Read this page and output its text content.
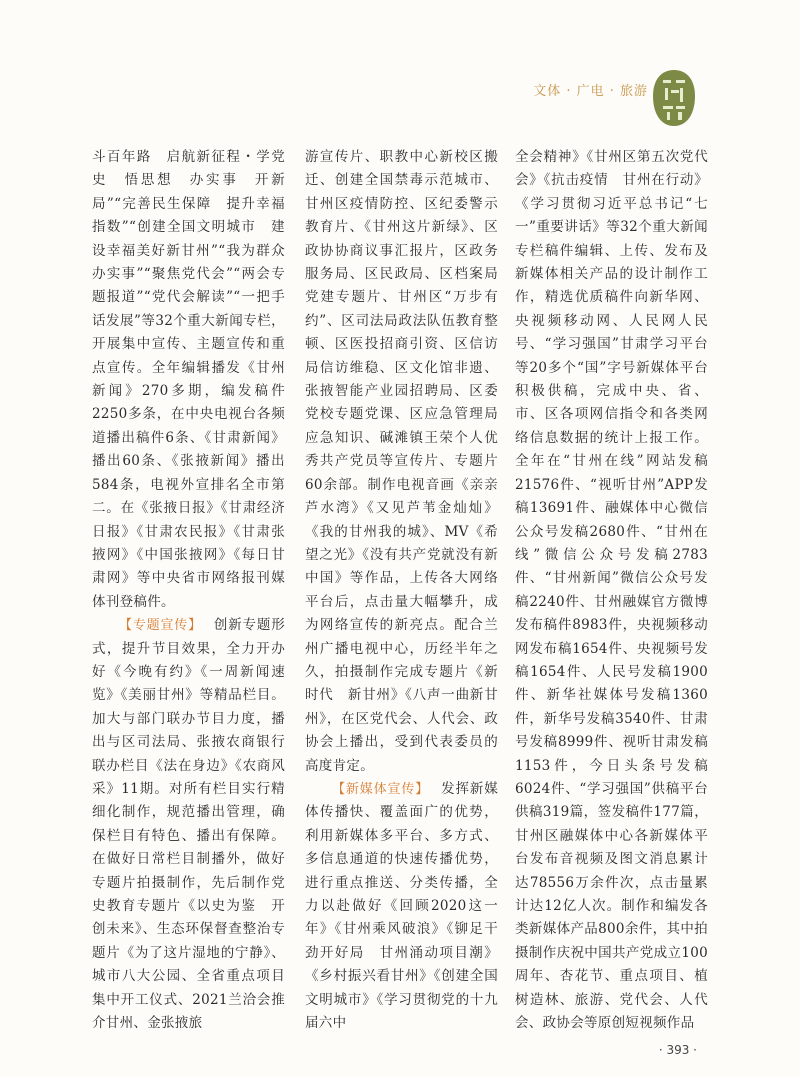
文体 · 广电 · 旅游

斗百年路　启航新征程・学党史　悟思想　办实事　开新局”“完善民生保障　提升幸福指数”“创建全国文明城市　建设幸福美好新甘州”“我为群众办实事”“聚焦党代会”“两会专题报道”“党代会解读”“一把手话发展”等32个重大新闻专栏，开展集中宣传、主题宣传和重点宣传。全年编辑播发《甘州新闻》270多期，编发稿件2250多条，在中央电视台各频道播出稿件6条、《甘肃新闻》播出60条、《张掖新闻》播出584条，电视外宣排名全市第二。在《张掖日报》《甘肃经济日报》《甘肃农民报》《甘肃张掖网》《中国张掖网》《每日甘肃网》等中央省市网络报刊媒体刊登稿件。

【专题宣传】 创新专题形式，提升节目效果，全力开办好《今晚有约》《一周新闻速览》《美丽甘州》等精品栏目。加大与部门联办节目力度，播出与区司法局、张掖农商银行联办栏目《法在身边》《农商风采》11期。对所有栏目实行精细化制作，规范播出管理，确保栏目有特色、播出有保障。在做好日常栏目制播外，做好专题片拍摄制作，先后制作党史教育专题片《以史为鉴　开创未来》、生态环保督查整治专题片《为了这片湿地的宁静》、城市八大公园、全省重点项目集中开工仪式、2021兰洽会推介甘州、金张掖旅

游宣传片、职教中心新校区搬迁、创建全国禁毒示范城市、甘州区疫情防控、区纪委警示教育片、《甘州这片新绿》、区政协协商议事汇报片，区政务服务局、区民政局、区档案局党建专题片、甘州区“万步有约”、区司法局政法队伍教育整顿、区医投招商引资、区信访局信访维稳、区文化馆非遗、张掖智能产业园招聘局、区委党校专题党课、区应急管理局应急知识、碱滩镇王荣个人优秀共产党员等宣传片、专题片60余部。制作电视音画《亲亲芦水湾》《又见芦苇金灿灿》《我的甘州我的城》、MV《希望之光》《没有共产党就没有新中国》等作品，上传各大网络平台后，点击量大幅攀升，成为网络宣传的新亮点。配合兰州广播电视中心，历经半年之久，拍摄制作完成专题片《新时代　新甘州》《八声一曲新甘州》，在区党代会、人代会、政协会上播出，受到代表委员的高度肯定。

【新媒体宣传】 发挥新媒体传播快、覆盖面广的优势，利用新媒体多平台、多方式、多信息通道的快速传播优势，进行重点推送、分类传播，全力以赴做好《回顾2020这一年》《甘州乘风破浪》《铆足干劲开好局　甘州涌动项目潮》《乡村振兴看甘州》《创建全国文明城市》《学习贯彻党的十九届六中

全会精神》《甘州区第五次党代会》《抗击疫情　甘州在行动》《学习贯彻习近平总书记“七一”重要讲话》等32个重大新闻专栏稿件编辑、上传、发布及新媒体相关产品的设计制作工作，精选优质稿件向新华网、央视频移动网、人民网人民号、“学习强国”甘肃学习平台等20多个“国”字号新媒体平台积极供稿，完成中央、省、市、区各项网信指令和各类网络信息数据的统计上报工作。全年在“甘州在线”网站发稿21576件、“视听甘州”APP发稿13691件、融媒体中心微信公众号发稿2680件、“甘州在线”微信公众号发稿2783件、“甘州新闻”微信公众号发稿2240件、甘州融媒官方微博发布稿件8983件，央视频移动网发布稿1654件、央视频号发稿1654件、人民号发稿1900件、新华社媒体号发稿1360件，新华号发稿3540件、甘肃号发稿8999件、视听甘肃发稿1153件，今日头条号发稿6024件、“学习强国”供稿平台供稿319篇，签发稿件177篇，甘州区融媒体中心各新媒体平台发布音视频及图文消息累计达78556万余件次，点击量累计达12亿人次。制作和编发各类新媒体产品800余件，其中拍摄制作庆祝中国共产党成立100周年、杏花节、重点项目、植树造林、旅游、党代会、人代会、政协会等原创短视频作品

· 393 ·
